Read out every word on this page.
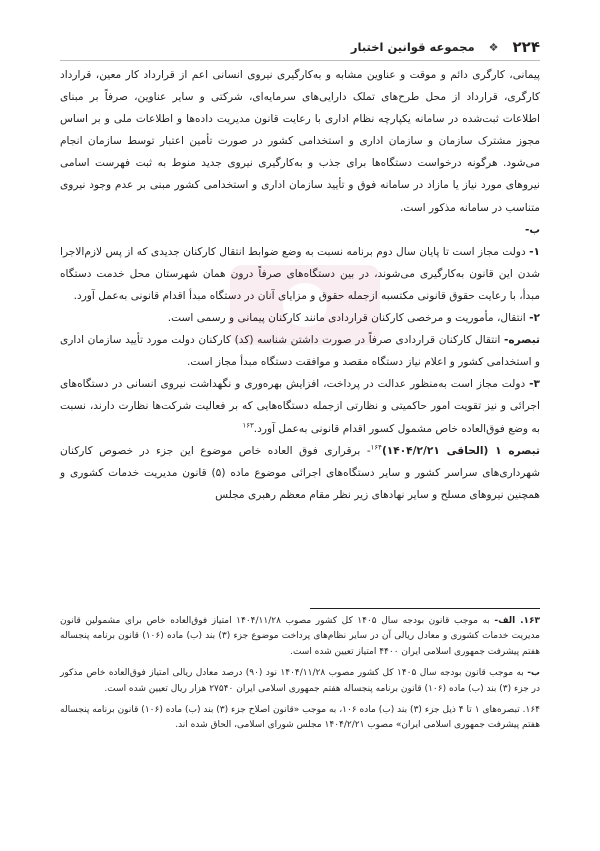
۲۲۴
❖
مجموعه قوانین اختبار

پیمانی، کارگری دائم و موقت و عناوین مشابه و به‌کارگیری نیروی انسانی اعم از قرارداد کار معین، قرارداد کارگری، قرارداد از محل طرح‌های تملک دارایی‌های سرمایه‌ای، شرکتی و سایر عناوین، صرفاً بر مبنای اطلاعات ثبت‌شده در سامانه یکپارچه نظام اداری با رعایت قانون مدیریت داده‌ها و اطلاعات ملی و بر اساس مجوز مشترک سازمان و سازمان اداری و استخدامی کشور در صورت تأمین اعتبار توسط سازمان انجام می‌شود. هرگونه درخواست دستگاه‌ها برای جذب و به‌کارگیری نیروی جدید منوط به ثبت فهرست اسامی نیروهای مورد نیاز یا مازاد در سامانه فوق و تأیید سازمان اداری و استخدامی کشور مبنی بر عدم وجود نیروی متناسب در سامانه مذکور است.

ب-

۱- دولت مجاز است تا پایان سال دوم برنامه نسبت به وضع ضوابط انتقال کارکنان جدیدی که از پس لازم‌الاجرا شدن این قانون به‌کارگیری می‌شوند، در بین دستگاه‌های صرفاً درون همان شهرستان محل خدمت دستگاه مبدأ، با رعایت حقوق قانونی مکتسبه ازجمله حقوق و مزایای آنان در دستگاه مبدأ اقدام قانونی به‌عمل آورد.

۲- انتقال، مأموریت و مرخصی کارکنان قراردادی مانند کارکنان پیمانی و رسمی است.

تبصره- انتقال کارکنان قراردادی صرفاً در صورت داشتن شناسه (کد) کارکنان دولت مورد تأیید سازمان اداری و استخدامی کشور و اعلام نیاز دستگاه مقصد و موافقت دستگاه مبدأ مجاز است.

۳- دولت مجاز است به‌منظور عدالت در پرداخت، افزایش بهره‌وری و نگهداشت نیروی انسانی در دستگاه‌های اجرائی و نیز تقویت امور حاکمیتی و نظارتی ازجمله دستگاه‌هایی که بر فعالیت شرکت‌ها نظارت دارند، نسبت به وضع فوق‌العاده خاص مشمول کسور اقدام قانونی به‌عمل آورد.$^{۱۶۳}$

تبصره ۱ (الحاقی ۱۴۰۴/۲/۲۱)$^{۱۶۴}$- برقراری فوق العاده خاص موضوع این جزء در خصوص کارکنان شهرداری‌های سراسر کشور و سایر دستگاه‌های اجرائی موضوع ماده (۵) قانون مدیریت خدمات کشوری و همچنین نیروهای مسلح و سایر نهادهای زیر نظر مقام معظم رهبری مجلس

۱۶۳. الف- به موجب قانون بودجه سال ۱۴۰۵ کل کشور مصوب ۱۴۰۴/۱۱/۲۸ امتیاز فوق‌العاده خاص برای مشمولین قانون مدیریت خدمات کشوری و معادل ریالی آن در سایر نظام‌های پرداخت موضوع جزء (۳) بند (ب) ماده (۱۰۶) قانون برنامه پنجساله هفتم پیشرفت جمهوری اسلامی ایران ۴۴۰۰ امتیاز تعیین شده است.

ب- به موجب قانون بودجه سال ۱۴۰۵ کل کشور مصوب ۱۴۰۴/۱۱/۲۸ نود (۹۰) درصد معادل ریالی امتیاز فوق‌العاده خاص مذکور در جزء (۳) بند (ب) ماده (۱۰۶) قانون برنامه پنجساله هفتم جمهوری اسلامی ایران ۲۷۵۴۰ هزار ریال تعیین شده است.

۱۶۴. تبصره‌های ۱ تا ۴ ذیل جزء (۳) بند (ب) ماده ۱۰۶، به موجب «قانون اصلاح جزء (۳) بند (ب) ماده (۱۰۶) قانون برنامه پنجساله هفتم پیشرفت جمهوری اسلامی ایران» مصوب ۱۴۰۴/۲/۲۱ مجلس شورای اسلامی، الحاق شده اند.
